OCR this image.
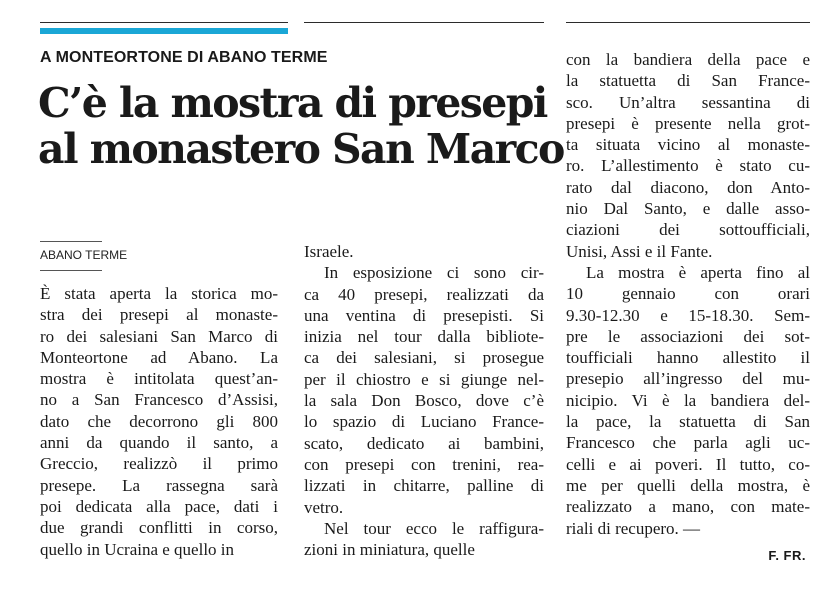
A MONTEORTONE DI ABANO TERME
C’è la mostra di presepi
al monastero San Marco
ABANO TERME
È stata aperta la storica mo-
stra dei presepi al monaste-
ro dei salesiani San Marco di
Monteortone ad Abano. La
mostra è intitolata quest’an-
no a San Francesco d’Assisi,
dato che decorrono gli 800
anni da quando il santo, a
Greccio, realizzò il primo
presepe. La rassegna sarà
poi dedicata alla pace, dati i
due grandi conflitti in corso,
quello in Ucraina e quello in
Israele.
In esposizione ci sono cir-
ca 40 presepi, realizzati da
una ventina di presepisti. Si
inizia nel tour dalla bibliote-
ca dei salesiani, si prosegue
per il chiostro e si giunge nel-
la sala Don Bosco, dove c’è
lo spazio di Luciano France-
scato, dedicato ai bambini,
con presepi con trenini, rea-
lizzati in chitarre, palline di
vetro.
Nel tour ecco le raffigura-
zioni in miniatura, quelle
con la bandiera della pace e
la statuetta di San France-
sco. Un’altra sessantina di
presepi è presente nella grot-
ta situata vicino al monaste-
ro. L’allestimento è stato cu-
rato dal diacono, don Anto-
nio Dal Santo, e dalle asso-
ciazioni dei sottoufficiali,
Unisi, Assi e il Fante.
La mostra è aperta fino al
10 gennaio con orari
9.30-12.30 e 15-18.30. Sem-
pre le associazioni dei sot-
toufficiali hanno allestito il
presepio all’ingresso del mu-
nicipio. Vi è la bandiera del-
la pace, la statuetta di San
Francesco che parla agli uc-
celli e ai poveri. Il tutto, co-
me per quelli della mostra, è
realizzato a mano, con mate-
riali di recupero. —
F. FR.
